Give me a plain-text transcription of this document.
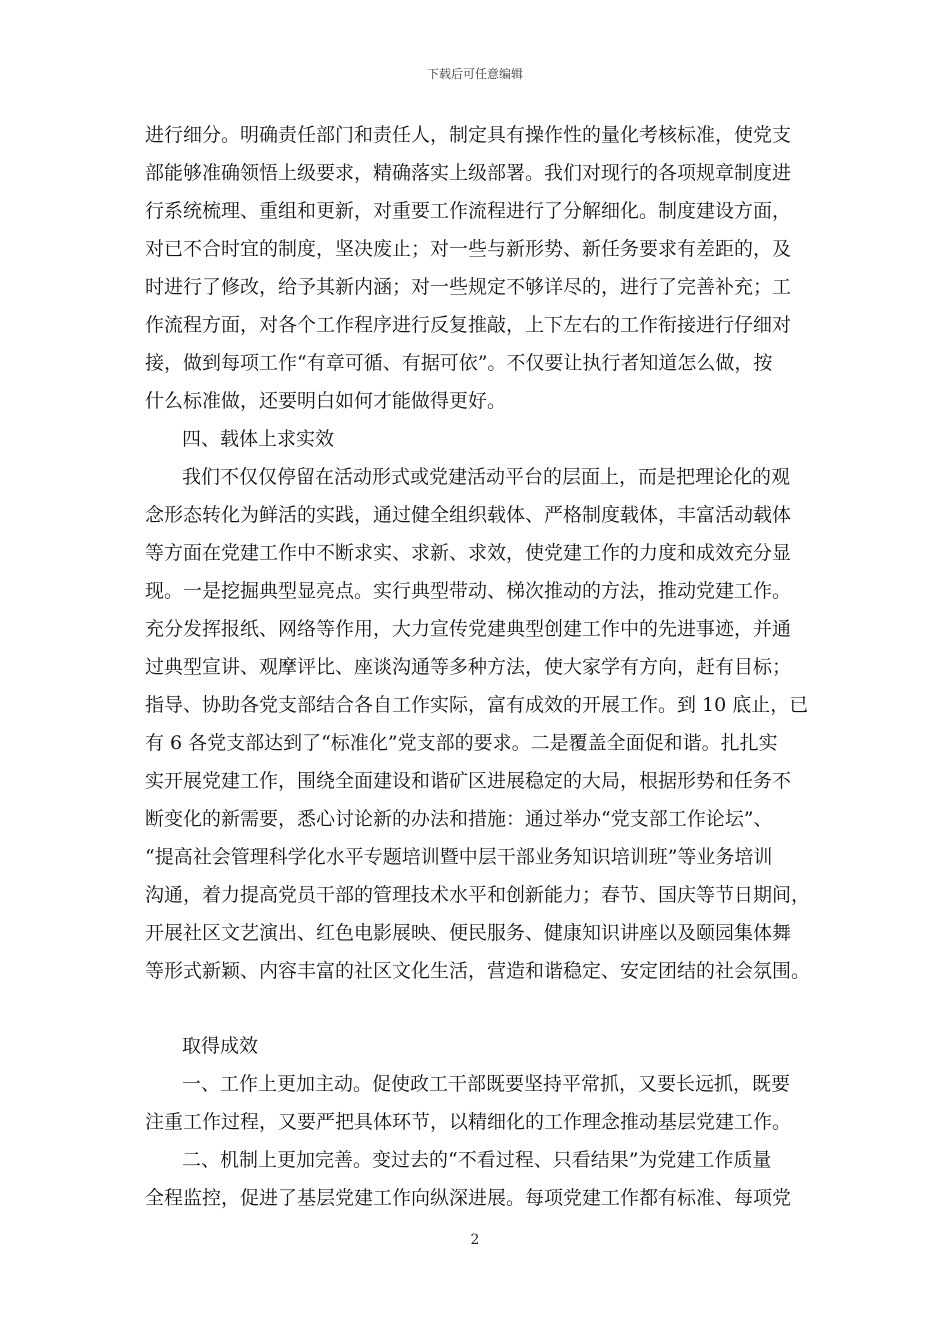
下载后可任意编辑
进行细分。明确责任部门和责任人，制定具有操作性的量化考核标准，使党支
部能够准确领悟上级要求，精确落实上级部署。我们对现行的各项规章制度进
行系统梳理、重组和更新，对重要工作流程进行了分解细化。制度建设方面，
对已不合时宜的制度，坚决废止；对一些与新形势、新任务要求有差距的，及
时进行了修改，给予其新内涵；对一些规定不够详尽的，进行了完善补充；工
作流程方面，对各个工作程序进行反复推敲，上下左右的工作衔接进行仔细对
接，做到每项工作“有章可循、有据可依”。不仅要让执行者知道怎么做，按
什么标准做，还要明白如何才能做得更好。
四、载体上求实效
我们不仅仅停留在活动形式或党建活动平台的层面上，而是把理论化的观
念形态转化为鲜活的实践，通过健全组织载体、严格制度载体，丰富活动载体
等方面在党建工作中不断求实、求新、求效，使党建工作的力度和成效充分显
现。一是挖掘典型显亮点。实行典型带动、梯次推动的方法，推动党建工作。
充分发挥报纸、网络等作用，大力宣传党建典型创建工作中的先进事迹，并通
过典型宣讲、观摩评比、座谈沟通等多种方法，使大家学有方向，赶有目标；
指导、协助各党支部结合各自工作实际，富有成效的开展工作。到 10 底止，已
有 6 各党支部达到了“标准化”党支部的要求。二是覆盖全面促和谐。扎扎实
实开展党建工作，围绕全面建设和谐矿区进展稳定的大局，根据形势和任务不
断变化的新需要，悉心讨论新的办法和措施：通过举办“党支部工作论坛”、
“提高社会管理科学化水平专题培训暨中层干部业务知识培训班”等业务培训
沟通，着力提高党员干部的管理技术水平和创新能力；春节、国庆等节日期间，
开展社区文艺演出、红色电影展映、便民服务、健康知识讲座以及颐园集体舞
等形式新颖、内容丰富的社区文化生活，营造和谐稳定、安定团结的社会氛围。
取得成效
一、工作上更加主动。促使政工干部既要坚持平常抓，又要长远抓，既要
注重工作过程，又要严把具体环节，以精细化的工作理念推动基层党建工作。
二、机制上更加完善。变过去的“不看过程、只看结果”为党建工作质量
全程监控，促进了基层党建工作向纵深进展。每项党建工作都有标准、每项党
2
